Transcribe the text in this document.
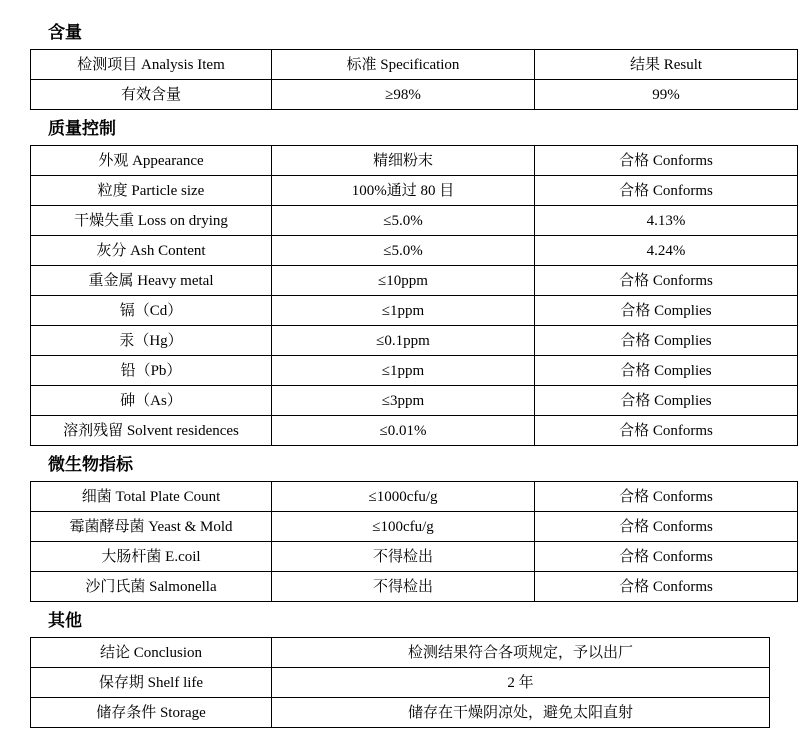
含量
检测项目 Analysis Item	标准 Specification	结果 Result
有效含量	≥98%	99%
质量控制
外观 Appearance	精细粉末	合格 Conforms
粒度 Particle size	100%通过 80 目	合格 Conforms
干燥失重 Loss on drying	≤5.0%	4.13%
灰分 Ash Content	≤5.0%	4.24%
重金属 Heavy metal	≤10ppm	合格 Conforms
镉（Cd）	≤1ppm	合格 Complies
汞（Hg）	≤0.1ppm	合格 Complies
铅（Pb）	≤1ppm	合格 Complies
砷（As）	≤3ppm	合格 Complies
溶剂残留 Solvent residences	≤0.01%	合格 Conforms
微生物指标
细菌 Total Plate Count	≤1000cfu/g	合格 Conforms
霉菌酵母菌 Yeast & Mold	≤100cfu/g	合格 Conforms
大肠杆菌 E.coil	不得检出	合格 Conforms
沙门氏菌 Salmonella	不得检出	合格 Conforms
其他
结论 Conclusion	检测结果符合各项规定，予以出厂
保存期 Shelf life	2 年
储存条件 Storage	储存在干燥阴凉处，避免太阳直射
